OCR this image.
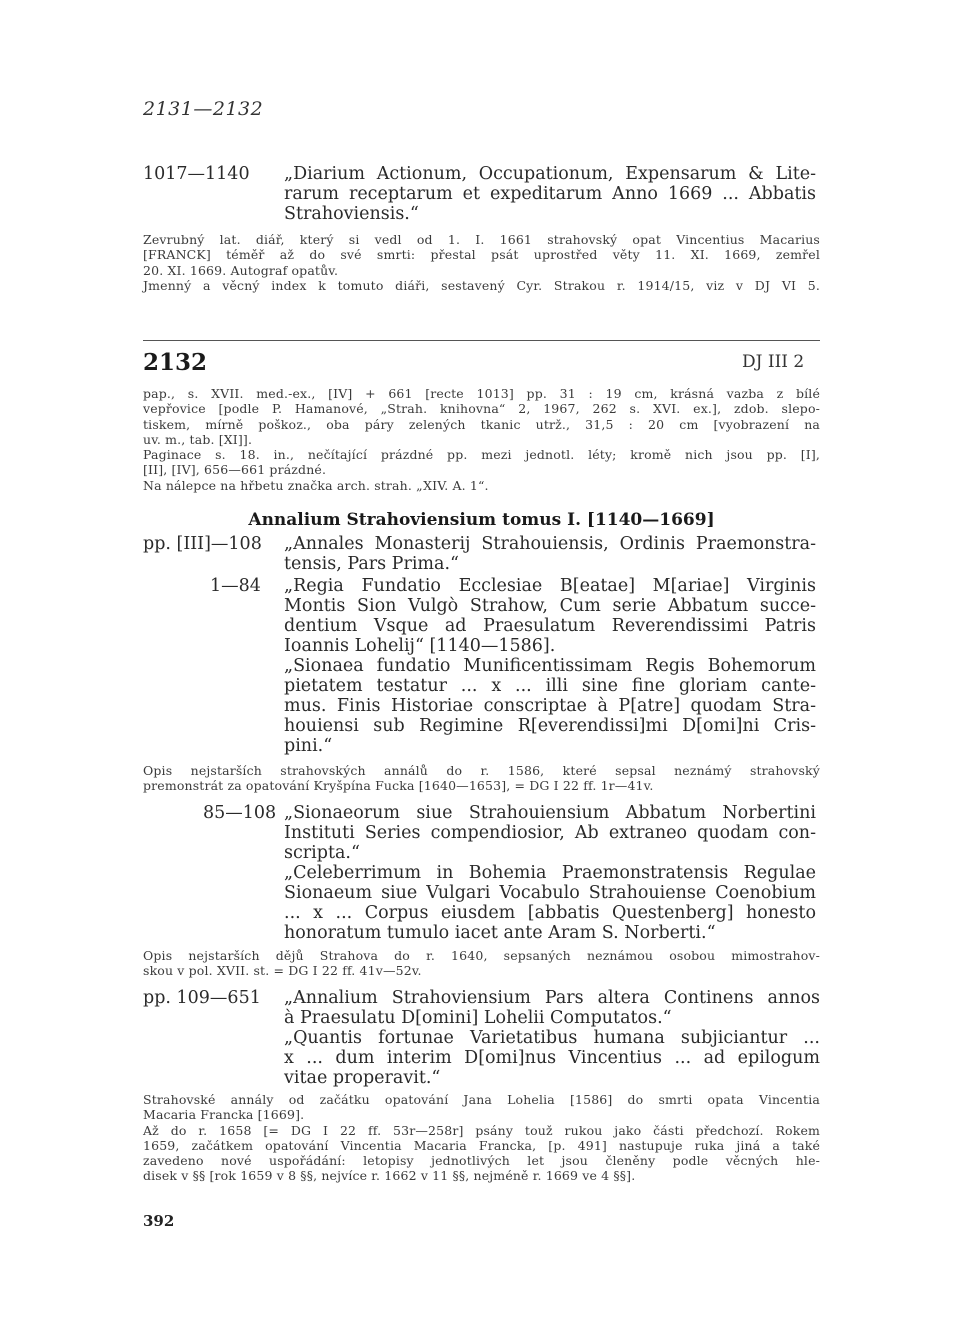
2131—2132
1017—1140 „Diarium Actionum, Occupationum, Expensarum & Lite-
rarum receptarum et expeditarum Anno 1669 ... Abbatis
Strahoviensis.“
Zevrubný lat. diář, který si vedl od 1. I. 1661 strahovský opat Vincentius Macarius
[FRANCK] téměř až do své smrti: přestal psát uprostřed věty 11. XI. 1669, zemřel
20. XI. 1669. Autograf opatův.
Jmenný a věcný index k tomuto diáři, sestavený Cyr. Strakou r. 1914/15, viz v DJ VI 5.
2132	DJ III 2
pap., s. XVII. med.-ex., [IV] + 661 [recte 1013] pp. 31 : 19 cm, krásná vazba z bílé
vepřovice [podle P. Hamanové, „Strah. knihovna“ 2, 1967, 262 s. XVI. ex.], zdob. slepo-
tiskem, mírně poškoz., oba páry zelených tkanic utrž., 31,5 : 20 cm [vyobrazení na
uv. m., tab. [XI]].
Paginace s. 18. in., nečítající prázdné pp. mezi jednotl. léty; kromě nich jsou pp. [I],
[II], [IV], 656—661 prázdné.
Na nálepce na hřbetu značka arch. strah. „XIV. A. 1“.
Annalium Strahoviensium tomus I. [1140—1669]
pp. [III]—108 „Annales Monasterij Strahouiensis, Ordinis Praemonstra-
tensis, Pars Prima.“
1—84 „Regia Fundatio Ecclesiae B[eatae] M[ariae] Virginis
Montis Sion Vulgò Strahow, Cum serie Abbatum succe-
dentium Vsque ad Praesulatum Reverendissimi Patris
Ioannis Lohelij“ [1140—1586].
„Sionaea fundatio Munificentissimam Regis Bohemorum
pietatem testatur ... x ... illi sine fine gloriam cante-
mus. Finis Historiae conscriptae à P[atre] quodam Stra-
houiensi sub Regimine R[everendissi]mi D[omi]ni Cris-
pini.“
Opis nejstarších strahovských annálů do r. 1586, které sepsal neznámý strahovský
premonstrát za opatování Kryšpína Fucka [1640—1653], = DG I 22 ff. 1r—41v.
85—108 „Sionaeorum siue Strahouiensium Abbatum Norbertini
Instituti Series compendiosior, Ab extraneo quodam con-
scripta.“
„Celeberrimum in Bohemia Praemonstratensis Regulae
Sionaeum siue Vulgari Vocabulo Strahouiense Coenobium
... x ... Corpus eiusdem [abbatis Questenberg] honesto
honoratum tumulo iacet ante Aram S. Norberti.“
Opis nejstarších dějů Strahova do r. 1640, sepsaných neznámou osobou mimostrahov-
skou v pol. XVII. st. = DG I 22 ff. 41v—52v.
pp. 109—651 „Annalium Strahoviensium Pars altera Continens annos
à Praesulatu D[omini] Lohelii Computatos.“
„Quantis fortunae Varietatibus humana subjiciantur ...
x ... dum interim D[omi]nus Vincentius ... ad epilogum
vitae properavit.“
Strahovské annály od začátku opatování Jana Lohelia [1586] do smrti opata Vincentia
Macaria Francka [1669].
Až do r. 1658 [= DG I 22 ff. 53r—258r] psány touž rukou jako části předchozí. Rokem
1659, začátkem opatování Vincentia Macaria Francka, [p. 491] nastupuje ruka jiná a také
zavedeno nové uspořádání: letopisy jednotlivých let jsou členěny podle věcných hle-
disek v §§ [rok 1659 v 8 §§, nejvíce r. 1662 v 11 §§, nejméně r. 1669 ve 4 §§].
392
